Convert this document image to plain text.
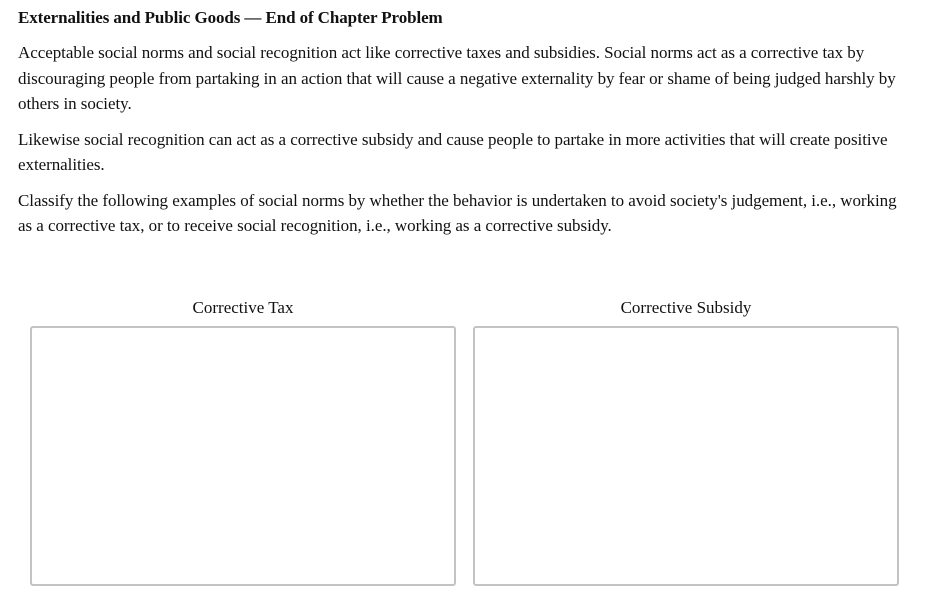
Externalities and Public Goods — End of Chapter Problem

Acceptable social norms and social recognition act like corrective taxes and subsidies. Social norms act as a corrective tax by discouraging people from partaking in an action that will cause a negative externality by fear or shame of being judged harshly by others in society.

Likewise social recognition can act as a corrective subsidy and cause people to partake in more activities that will create positive externalities.

Classify the following examples of social norms by whether the behavior is undertaken to avoid society's judgement, i.e., working as a corrective tax, or to receive social recognition, i.e., working as a corrective subsidy.

Corrective Tax	Corrective Subsidy
